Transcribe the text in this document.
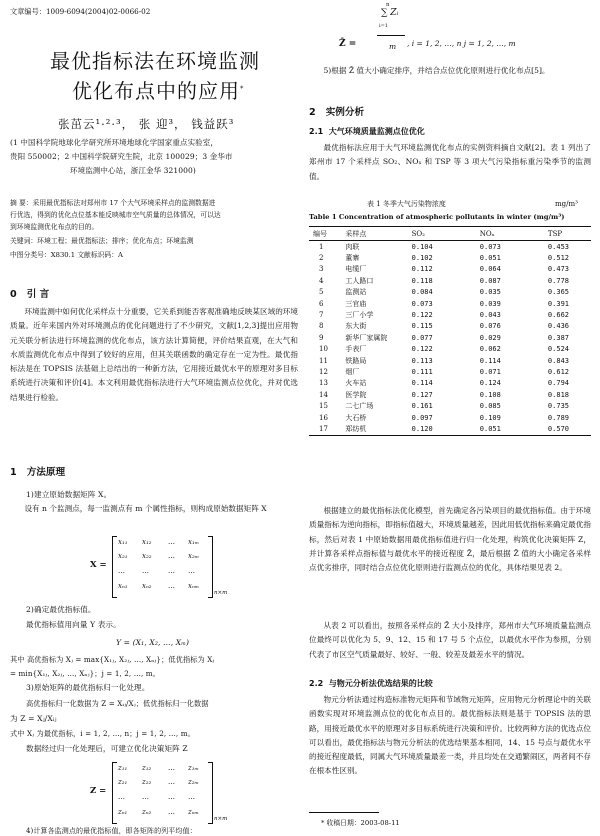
文章编号：1009-6094(2004)02-0066-02
最优指标法在环境监测
优化布点中的应用*
张茁云¹·²·³， 张 迎³， 钱益跃³
(1 中国科学院地球化学研究所环境地球化学国家重点实验室，
贵阳 550002；2 中国科学院研究生院，北京 100029；3 金华市
环境监测中心站，浙江金华 321000)
摘 要：采用最优指标法对郑州市 17 个大气环境采样点的监测数据进
行优选，得到的优化点位基本能反映城市空气质量的总体情况，可以达
到环境监测优化布点的目的。
关键词：环境工程；最优指标法；排序；优化布点；环境监测
中图分类号：X830.1 文献标识码：A
0 引 言
环境监测中如何优化采样点十分重要，它关系到能否客观准确地反映某区域的环境质量。近年来国内外对环境测点的优化问题进行了不少研究，文献[1,2,3]提出应用物元关联分析法进行环境监测的优化布点，该方法计算简便，评价结果直观，在大气和水质监测优化布点中得到了较好的应用，但其关联函数的确定存在一定为性。最优指标法是在 TOPSIS 法基础上总结出的一种新方法，它用接近最优水平的原理对多目标系统进行决策和评价[4]。本文利用最优指标法进行大气环境监测点位优化，并对优选结果进行检验。
1 方法原理
1)建立原始数据矩阵 X。
设有 n 个监测点，每一监测点有 m 个属性指标，则构成原始数据矩阵 X
X =
x₁₁ x₁₂ … x₁ₘ
x₂₁ x₂₂ … x₂ₘ
… …	… …
xₙ₁ xₙ₂ … xₙₘ
n×m
2)确定最优指标值。
最优指标值用向量 Y 表示。
Y = (X₁, X₂, …, Xₘ)
其中 高优指标为 Xⱼ = max{X₁ⱼ, X₂ⱼ, …, Xₙⱼ}；低优指标为 Xⱼ
= min{X₁ⱼ, X₂ⱼ, …, Xₙⱼ}；j = 1, 2, …, m。
3)原始矩阵的最优指标归一化处理。
高优指标归一化数据为 Z = Xᵢⱼ/Xⱼ；低优指标归一化数据
为 Z = Xⱼ/Xᵢⱼ
式中 Xⱼ 为最优指标，i = 1, 2, …, n；j = 1, 2, …, m。
数据经过归一化处理后，可建立优化决策矩阵 Z
Z =
z₁₁ z₁₂ … z₁ₘ
z₂₁ z₂₂ … z₂ₘ
… …	… …
zₙ₁ zₙ₂ … zₙₘ
n×m
4)计算各监测点的最优指标值，即各矩阵的列平均值：
n
∑ Zᵢ
Z̄ =
i=1
m , i = 1, 2, …, n j = 1, 2, …, m
5)根据 Z̄ 值大小确定排序，并结合点位优化原则进行优化布点[5]。
2 实例分析
2.1 大气环境质量监测点位优化
最优指标法应用于大气环境监测优化布点的实例资料摘自文献[2]。表 1 列出了郑州市 17 个采样点 SO₂、NOₓ 和 TSP 等 3 项大气污染指标重污染季节的监测值。
表 1 冬季大气污染物浓度	mg/m³
Table 1 Concentration of atmospheric pollutants in winter (mg/m³)
编号	采样点	SO₂	NOₓ	TSP
1	肉联	0.104	0.073	0.453
2	董寨	0.102	0.051	0.512
3	电缆厂	0.112	0.064	0.473
4	工人路口	0.118	0.087	0.778
5	监测站	0.084	0.035	0.365
6	三官庙	0.073	0.039	0.391
7	三厂小学	0.122	0.043	0.662
8	东大街	0.115	0.076	0.436
9	新华厂家属院	0.077	0.029	0.387
10	手表厂	0.122	0.062	0.524
11	铁路局	0.113	0.114	0.843
12	烟厂	0.111	0.071	0.612
13	火车站	0.114	0.124	0.794
14	医学院	0.127	0.108	0.818
15	二七广场	0.161	0.085	0.735
16	大石桥	0.097	0.109	0.789
17	郑纺机	0.120	0.051	0.570
根据建立的最优指标法优化模型，首先确定各污染项目的最优指标值。由于环境质量指标为逆向指标，即指标值越大，环境质量越差，因此用低优指标来确定最优指标，然后对表 1 中原始数据用最优指标值进行归一化处理，构筑优化决策矩阵 Z，并计算各采样点指标值与最优水平的接近程度 Z̄，最后根据 Z̄ 值的大小确定各采样点优劣排序，同时结合点位优化原则进行监测点位的优化，具体结果见表 2。
从表 2 可以看出，按照各采样点的 Z̄ 大小及排序，郑州市大气环境质量监测点位最终可以优化为 5、9、12、15 和 17 号 5 个点位，以最优水平作为参照，分别代表了市区空气质量最好、较好、一般、较差及最差水平的情况。
2.2 与物元分析法优选结果的比较
物元分析法通过构造标准物元矩阵和节域物元矩阵，应用物元分析理论中的关联函数实现对环境监测点位的优化布点目的。最优指标法则是基于 TOPSIS 法的思路，用接近最优水平的原理对多目标系统进行决策和评价。比较两种方法的优选点位可以看出，最优指标法与物元分析法的优选结果基本相同，14、15 号点与最优水平的接近程度最低，同属大气环境质量最差一类，并且均处在交通繁闹区，两者间不存在根本性区别。
* 收稿日期：2003-08-11
